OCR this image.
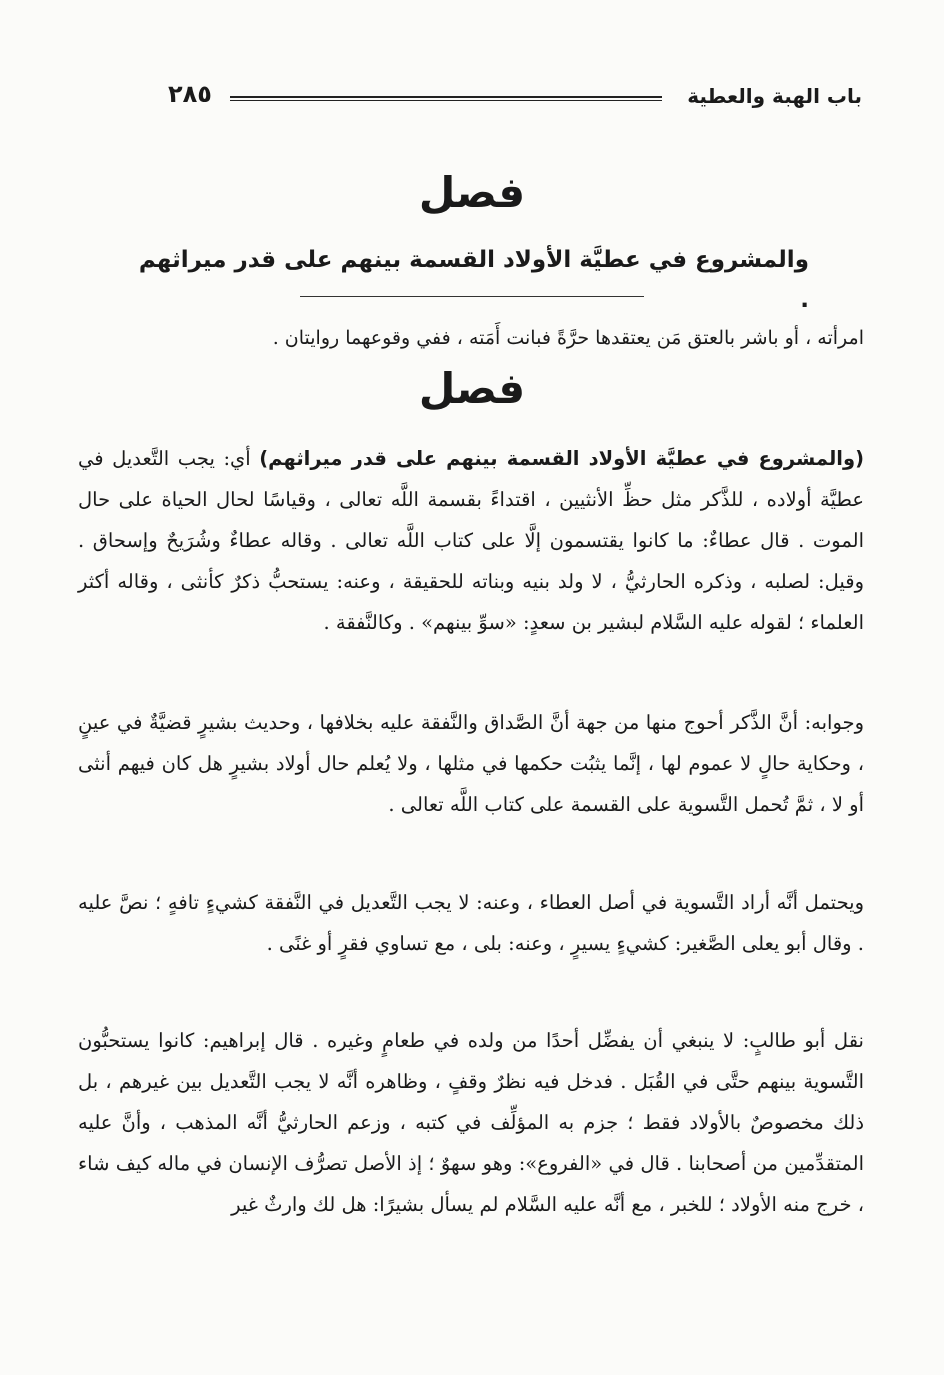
باب الهبة والعطية
٢٨٥
فصل
والمشروع في عطيَّة الأولاد القسمة بينهم على قدر ميراثهم .
امرأته ، أو باشر بالعتق مَن يعتقدها حرَّةً فبانت أَمَته ، ففي وقوعهما روايتان .
فصل

(والمشروع في عطيَّة الأولاد القسمة بينهم على قدر ميراثهم) أي: يجب التَّعديل في عطيَّة أولاده ، للذَّكر مثل حظِّ الأنثيين ، اقتداءً بقسمة اللَّه تعالى ، وقياسًا لحال الحياة على حال الموت . قال عطاءٌ: ما كانوا يقتسمون إلَّا على كتاب اللَّه تعالى . وقاله عطاءٌ وشُرَيحٌ وإسحاق . وقيل: لصلبه ، وذكره الحارثيُّ ، لا ولد بنيه وبناته للحقيقة ، وعنه: يستحبُّ ذكرٌ كأنثى ، وقاله أكثر العلماء ؛ لقوله عليه السَّلام لبشير بن سعدٍ: «سوِّ بينهم» . وكالنَّفقة .

وجوابه: أنَّ الذَّكر أحوج منها من جهة أنَّ الصَّداق والنَّفقة عليه بخلافها ، وحديث بشيرٍ قضيَّةٌ في عينٍ ، وحكاية حالٍ لا عموم لها ، إنَّما يثبُت حكمها في مثلها ، ولا يُعلم حال أولاد بشيرٍ هل كان فيهم أنثى أو لا ، ثمَّ تُحمل التَّسوية على القسمة على كتاب اللَّه تعالى .

ويحتمل أنَّه أراد التَّسوية في أصل العطاء ، وعنه: لا يجب التَّعديل في النَّفقة كشيءٍ تافهٍ ؛ نصَّ عليه . وقال أبو يعلى الصَّغير: كشيءٍ يسيرٍ ، وعنه: بلى ، مع تساوي فقرٍ أو غنًى .

نقل أبو طالبٍ: لا ينبغي أن يفضِّل أحدًا من ولده في طعامٍ وغيره . قال إبراهيم: كانوا يستحبُّون التَّسوية بينهم حتَّى في القُبَل . فدخل فيه نظرٌ وقفٍ ، وظاهره أنَّه لا يجب التَّعديل بين غيرهم ، بل ذلك مخصوصٌ بالأولاد فقط ؛ جزم به المؤلِّف في كتبه ، وزعم الحارثيُّ أنَّه المذهب ، وأنَّ عليه المتقدِّمين من أصحابنا . قال في «الفروع»: وهو سهوٌ ؛ إذ الأصل تصرُّف الإنسان في ماله كيف شاء ، خرج منه الأولاد ؛ للخبر ، مع أنَّه عليه السَّلام لم يسأل بشيرًا: هل لك وارثٌ غير
